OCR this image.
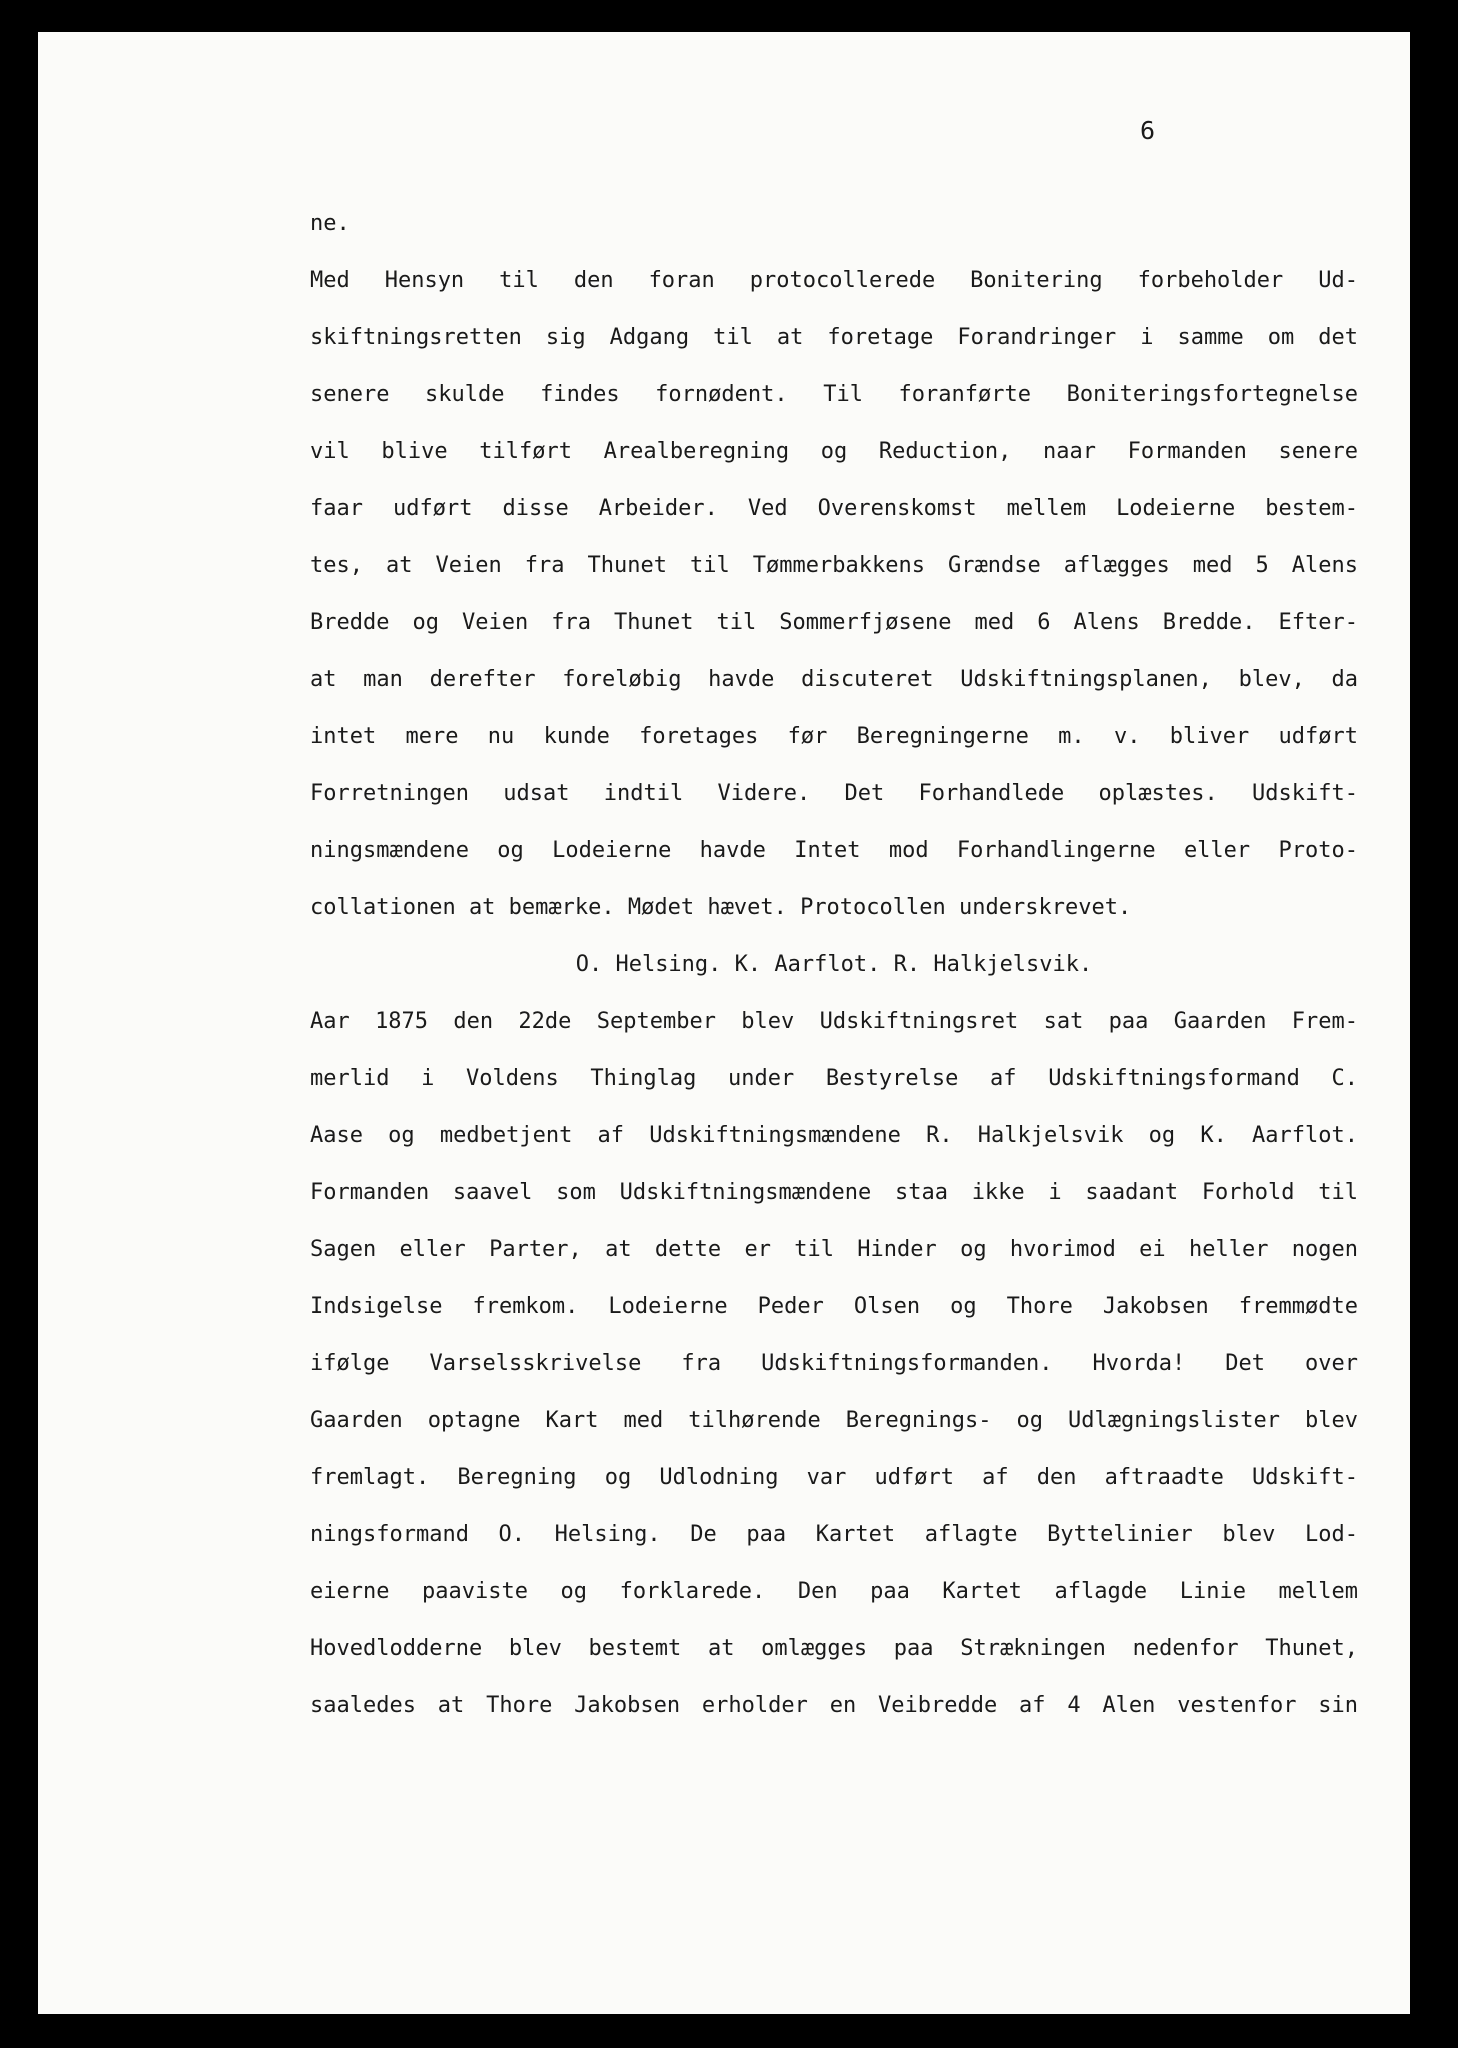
6
ne.
Med Hensyn til den foran protocollerede Bonitering forbeholder Ud-
skiftningsretten sig Adgang til at foretage Forandringer i samme om det
senere skulde findes fornødent. Til foranførte Boniteringsfortegnelse
vil blive tilført Arealberegning og Reduction, naar Formanden senere
faar udført disse Arbeider. Ved Overenskomst mellem Lodeierne bestem-
tes, at Veien fra Thunet til Tømmerbakkens Grændse aflægges med 5 Alens
Bredde og Veien fra Thunet til Sommerfjøsene med 6 Alens Bredde. Efter-
at man derefter foreløbig havde discuteret Udskiftningsplanen, blev, da
intet mere nu kunde foretages før Beregningerne m. v. bliver udført
Forretningen udsat indtil Videre. Det Forhandlede oplæstes. Udskift-
ningsmændene og Lodeierne havde Intet mod Forhandlingerne eller Proto-
collationen at bemærke. Mødet hævet. Protocollen underskrevet.
O. Helsing. K. Aarflot. R. Halkjelsvik.
Aar 1875 den 22de September blev Udskiftningsret sat paa Gaarden Frem-
merlid i Voldens Thinglag under Bestyrelse af Udskiftningsformand C.
Aase og medbetjent af Udskiftningsmændene R. Halkjelsvik og K. Aarflot.
Formanden saavel som Udskiftningsmændene staa ikke i saadant Forhold til
Sagen eller Parter, at dette er til Hinder og hvorimod ei heller nogen
Indsigelse fremkom. Lodeierne Peder Olsen og Thore Jakobsen fremmødte
ifølge Varselsskrivelse fra Udskiftningsformanden. Hvorda! Det over
Gaarden optagne Kart med tilhørende Beregnings- og Udlægningslister blev
fremlagt. Beregning og Udlodning var udført af den aftraadte Udskift-
ningsformand O. Helsing. De paa Kartet aflagte Byttelinier blev Lod-
eierne paaviste og forklarede. Den paa Kartet aflagde Linie mellem
Hovedlodderne blev bestemt at omlægges paa Strækningen nedenfor Thunet,
saaledes at Thore Jakobsen erholder en Veibredde af 4 Alen vestenfor sin
